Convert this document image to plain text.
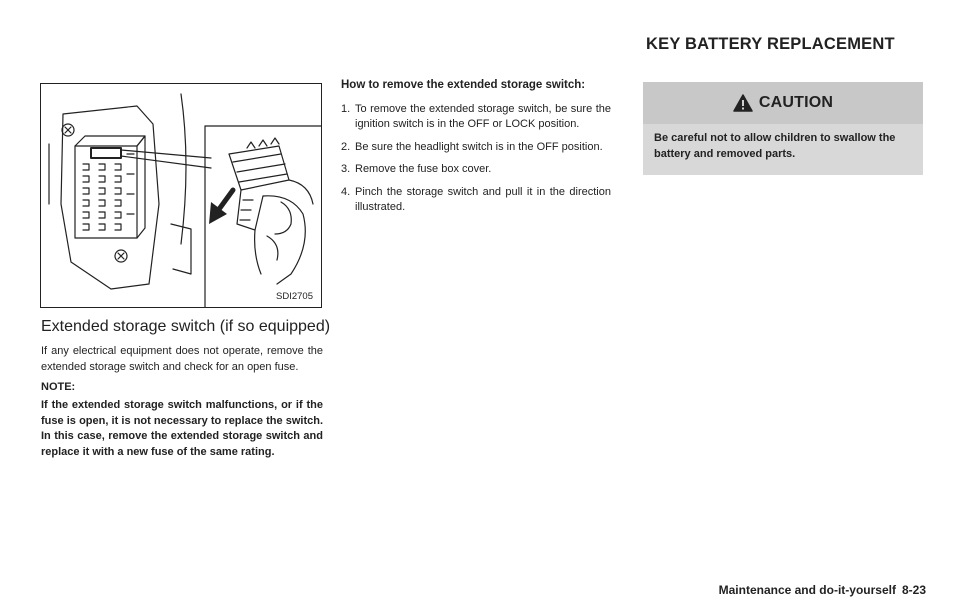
KEY BATTERY REPLACEMENT
SDI2705
Extended storage switch (if so equipped)

If any electrical equipment does not operate, remove the extended storage switch and check for an open fuse.

NOTE:

If the extended storage switch malfunctions, or if the fuse is open, it is not necessary to replace the switch. In this case, remove the extended storage switch and replace it with a new fuse of the same rating.

How to remove the extended storage switch:
1. To remove the extended storage switch, be sure the ignition switch is in the OFF or LOCK position.
2. Be sure the headlight switch is in the OFF position.
3. Remove the fuse box cover.
4. Pinch the storage switch and pull it in the direction illustrated.
CAUTION
Be careful not to allow children to swallow the battery and removed parts.
Maintenance and do-it-yourself 8-23
